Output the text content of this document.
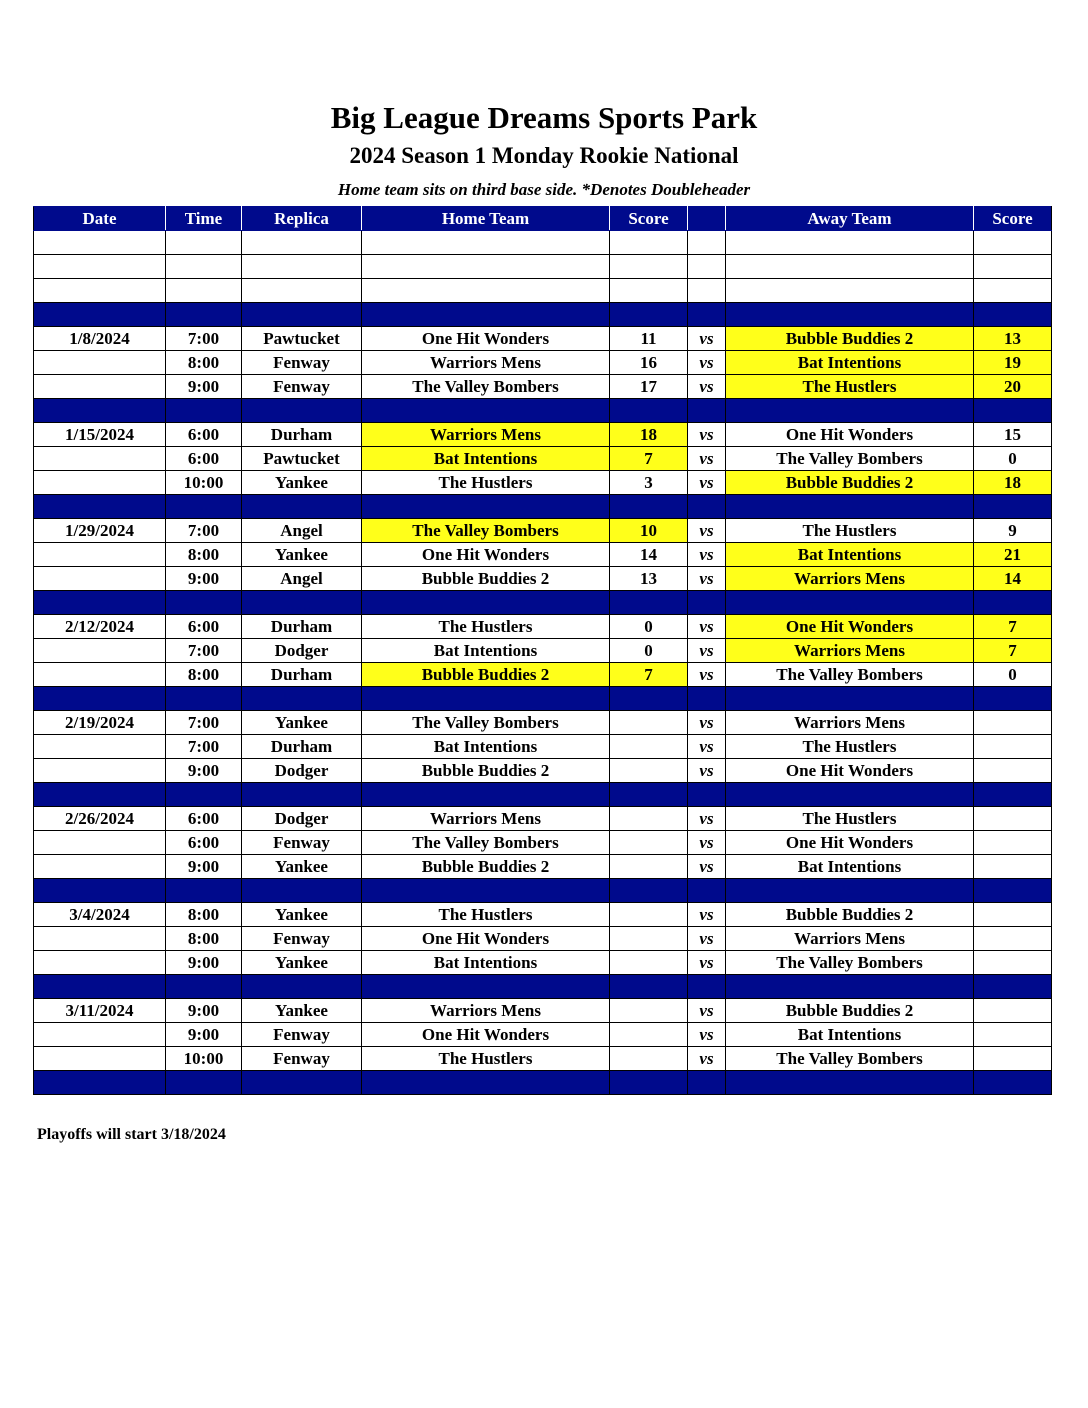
Big League Dreams Sports Park
2024 Season 1 Monday Rookie National
Home team sits on third base side. *Denotes Doubleheader
Date	Time	Replica	Home Team	Score		Away Team	Score

1/8/2024	7:00	Pawtucket	One Hit Wonders	11	vs	Bubble Buddies 2	13
	8:00	Fenway	Warriors Mens	16	vs	Bat Intentions	19
	9:00	Fenway	The Valley Bombers	17	vs	The Hustlers	20

1/15/2024	6:00	Durham	Warriors Mens	18	vs	One Hit Wonders	15
	6:00	Pawtucket	Bat Intentions	7	vs	The Valley Bombers	0
	10:00	Yankee	The Hustlers	3	vs	Bubble Buddies 2	18

1/29/2024	7:00	Angel	The Valley Bombers	10	vs	The Hustlers	9
	8:00	Yankee	One Hit Wonders	14	vs	Bat Intentions	21
	9:00	Angel	Bubble Buddies 2	13	vs	Warriors Mens	14

2/12/2024	6:00	Durham	The Hustlers	0	vs	One Hit Wonders	7
	7:00	Dodger	Bat Intentions	0	vs	Warriors Mens	7
	8:00	Durham	Bubble Buddies 2	7	vs	The Valley Bombers	0

2/19/2024	7:00	Yankee	The Valley Bombers		vs	Warriors Mens	
	7:00	Durham	Bat Intentions		vs	The Hustlers	
	9:00	Dodger	Bubble Buddies 2		vs	One Hit Wonders	

2/26/2024	6:00	Dodger	Warriors Mens		vs	The Hustlers	
	6:00	Fenway	The Valley Bombers		vs	One Hit Wonders	
	9:00	Yankee	Bubble Buddies 2		vs	Bat Intentions	

3/4/2024	8:00	Yankee	The Hustlers		vs	Bubble Buddies 2	
	8:00	Fenway	One Hit Wonders		vs	Warriors Mens	
	9:00	Yankee	Bat Intentions		vs	The Valley Bombers	

3/11/2024	9:00	Yankee	Warriors Mens		vs	Bubble Buddies 2	
	9:00	Fenway	One Hit Wonders		vs	Bat Intentions	
	10:00	Fenway	The Hustlers		vs	The Valley Bombers	

Playoffs will start 3/18/2024
